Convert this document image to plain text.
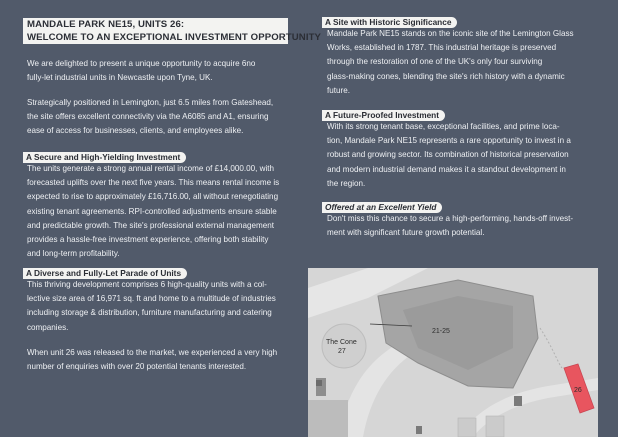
MANDALE PARK NE15, UNITS 26:
WELCOME TO AN EXCEPTIONAL INVESTMENT OPPORTUNITY
We are delighted to present a unique opportunity to acquire 6no
fully-let industrial units in Newcastle upon Tyne, UK.
Strategically positioned in Lemington, just 6.5 miles from Gateshead,
the site offers excellent connectivity via the A6085 and A1, ensuring
ease of access for businesses, clients, and employees alike.
A Secure and High-Yielding Investment
The units generate a strong annual rental income of £14,000.00, with
forecasted uplifts over the next five years. This means rental income is
expected to rise to approximately £16,716.00, all without renegotiating
existing tenant agreements. RPI-controlled adjustments ensure stable
and predictable growth. The site's professional external management
provides a hassle-free investment experience, offering both stability
and long-term profitability.
A Diverse and Fully-Let Parade of Units
This thriving development comprises 6 high-quality units with a col-
lective size area of 16,971 sq. ft and home to a multitude of industries
including storage & distribution, furniture manufacturing and catering
companies.
When unit 26 was released to the market, we experienced a very high
number of enquiries with over 20 potential tenants interested.
A Site with Historic Significance
Mandale Park NE15 stands on the iconic site of the Lemington Glass
Works, established in 1787. This industrial heritage is preserved
through the restoration of one of the UK's only four surviving
glass-making cones, blending the site's rich history with a dynamic
future.
A Future-Proofed Investment
With its strong tenant base, exceptional facilities, and prime loca-
tion, Mandale Park NE15 represents a rare opportunity to invest in a
robust and growing sector. Its combination of historical preservation
and modern industrial demand makes it a standout development in
the region.
Offered at an Excellent Yield
Don't miss this chance to secure a high-performing, hands-off invest-
ment with significant future growth potential.
21-25
The Cone
27
26
